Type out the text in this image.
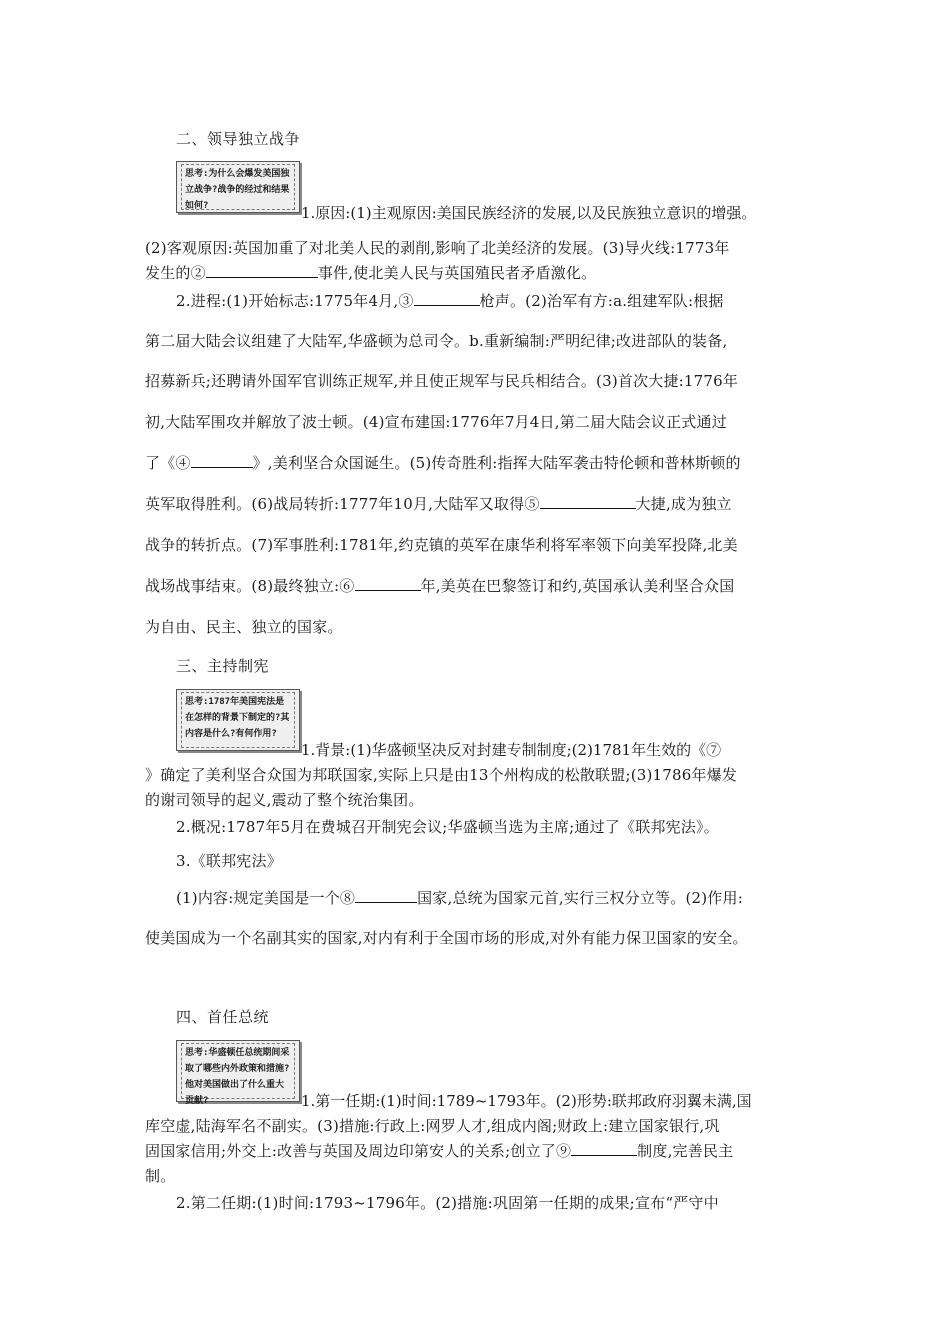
二、领导独立战争
思考:为什么会爆发美国独立战争?战争的经过和结果如何?	1.原因:(1)主观原因:美国民族经济的发展,以及民族独立意识的增强。
(2)客观原因:英国加重了对北美人民的剥削,影响了北美经济的发展。(3)导火线:1773年
发生的②	事件,使北美人民与英国殖民者矛盾激化。
2.进程:(1)开始标志:1775年4月,③	枪声。(2)治军有方:a.组建军队:根据
第二届大陆会议组建了大陆军,华盛顿为总司令。b.重新编制:严明纪律;改进部队的装备,
招募新兵;还聘请外国军官训练正规军,并且使正规军与民兵相结合。(3)首次大捷:1776年
初,大陆军围攻并解放了波士顿。(4)宣布建国:1776年7月4日,第二届大陆会议正式通过
了《④	》,美利坚合众国诞生。(5)传奇胜利:指挥大陆军袭击特伦顿和普林斯顿的
英军取得胜利。(6)战局转折:1777年10月,大陆军又取得⑤	大捷,成为独立
战争的转折点。(7)军事胜利:1781年,约克镇的英军在康华利将军率领下向美军投降,北美
战场战事结束。(8)最终独立:⑥	年,美英在巴黎签订和约,英国承认美利坚合众国
为自由、民主、独立的国家。
三、主持制宪
思考:1787年美国宪法是在怎样的背景下制定的?其内容是什么?有何作用?
1.背景:(1)华盛顿坚决反对封建专制制度;(2)1781年生效的《⑦
》确定了美利坚合众国为邦联国家,实际上只是由13个州构成的松散联盟;(3)1786年爆发
的谢司领导的起义,震动了整个统治集团。
2.概况:1787年5月在费城召开制宪会议;华盛顿当选为主席;通过了《联邦宪法》。
3.《联邦宪法》
(1)内容:规定美国是一个⑧	国家,总统为国家元首,实行三权分立等。(2)作用:
使美国成为一个名副其实的国家,对内有利于全国市场的形成,对外有能力保卫国家的安全。
四、首任总统
思考:华盛顿任总统期间采取了哪些内外政策和措施?他对美国做出了什么重大贡献?	1.第一任期:(1)时间:1789~1793年。(2)形势:联邦政府羽翼未满,国
库空虚,陆海军名不副实。(3)措施:行政上:网罗人才,组成内阁;财政上:建立国家银行,巩
固国家信用;外交上:改善与英国及周边印第安人的关系;创立了⑨	制度,完善民主
制。
2.第二任期:(1)时间:1793~1796年。(2)措施:巩固第一任期的成果;宣布“严守中
